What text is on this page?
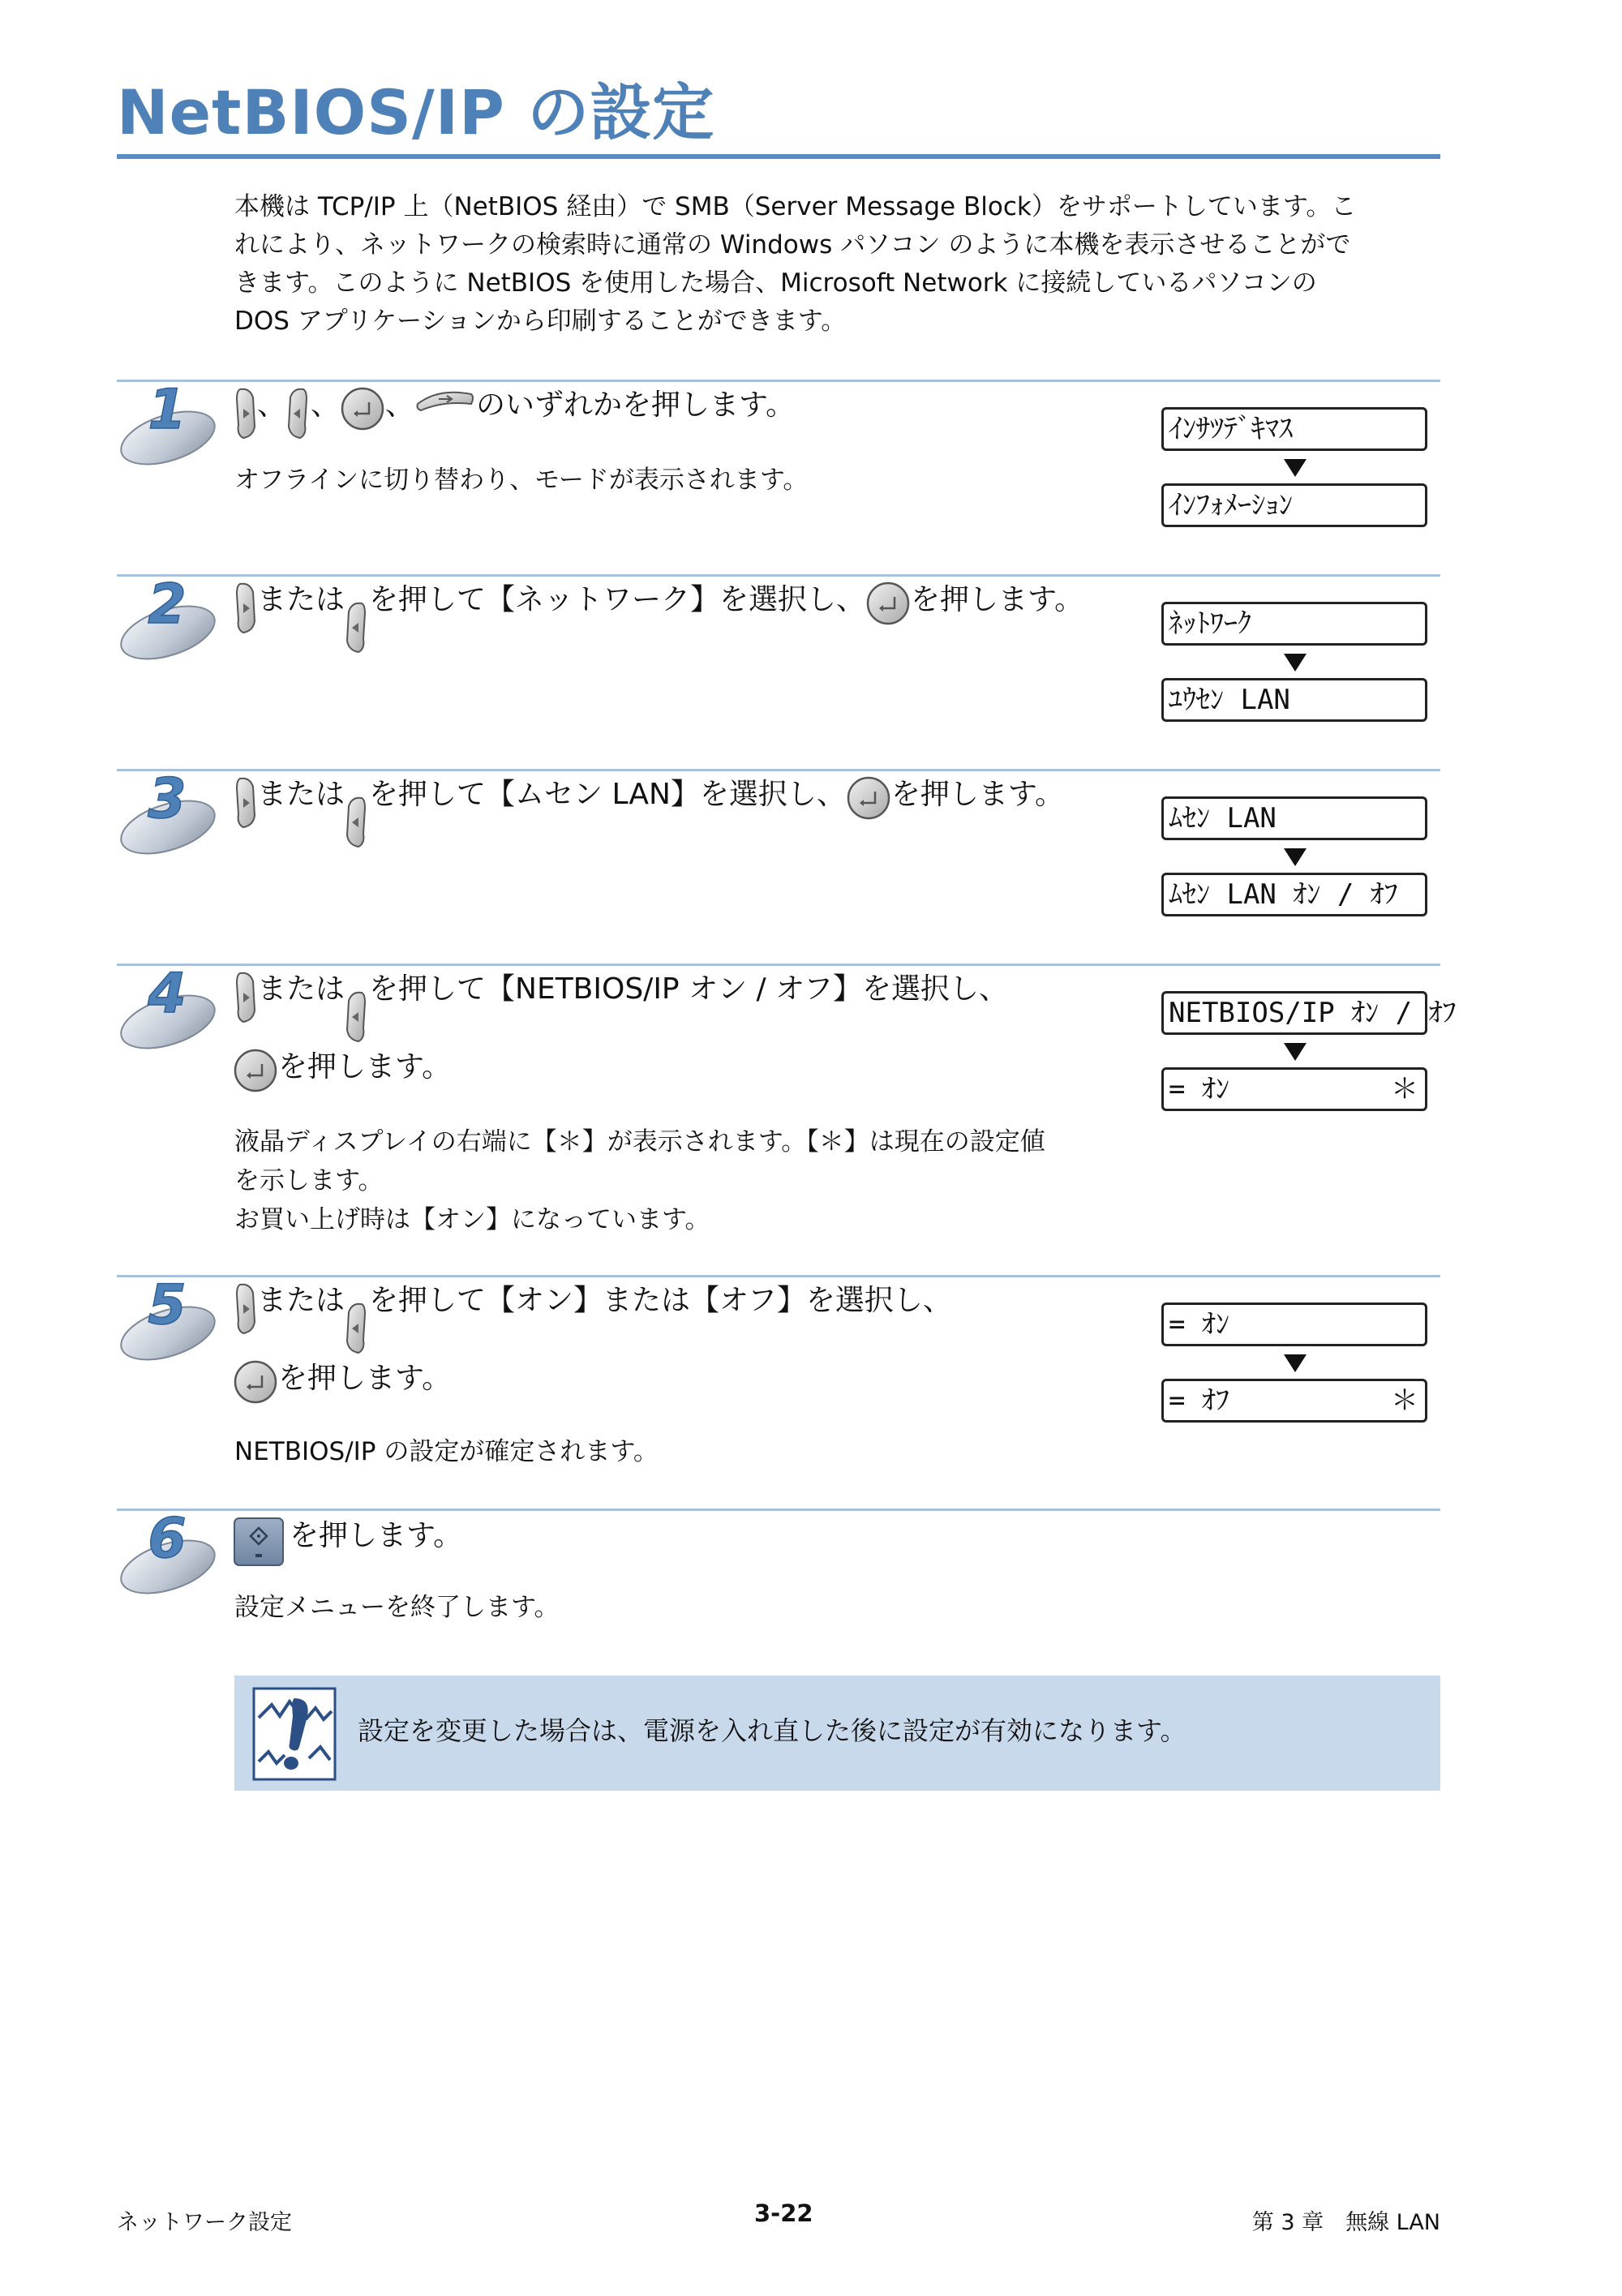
NetBIOS/IP の設定

本機は TCP/IP 上（NetBIOS 経由）で SMB（Server Message Block）をサポートしています。こ

れにより、ネットワークの検索時に通常の Windows パソコン のように本機を表示させることがで

きます。このように NetBIOS を使用した場合、Microsoft Network に接続しているパソコンの

DOS アプリケーションから印刷することができます。

1 、 、 、 のいずれかを押します。
オフラインに切り替わり、モードが表示されます。
ｲﾝｻﾂﾃﾞｷﾏｽ
ｲﾝﾌｫﾒｰｼｮﾝ
2 または を押して【ネットワーク】を選択し、 を押します。
ﾈｯﾄﾜｰｸ
ﾕｳｾﾝ LAN
3 または を押して【ムセン LAN】を選択し、 を押します。
ﾑｾﾝ LAN
ﾑｾﾝ LAN ｵﾝ / ｵﾌ
4 または を押して【NETBIOS/IP オン / オフ】を選択し、
を押します。
液晶ディスプレイの右端に【＊】が表示されます。【＊】は現在の設定値
を示します。
お買い上げ時は【オン】になっています。
NETBIOS/IP ｵﾝ / ｵﾌ
= ｵﾝ	＊
5 または を押して【オン】または【オフ】を選択し、
を押します。
NETBIOS/IP の設定が確定されます。
= ｵﾝ
= ｵﾌ	＊
6	を押します。
設定メニューを終了します。
設定を変更した場合は、電源を入れ直した後に設定が有効になります。
ネットワーク設定	3-22	第 3 章　無線 LAN
